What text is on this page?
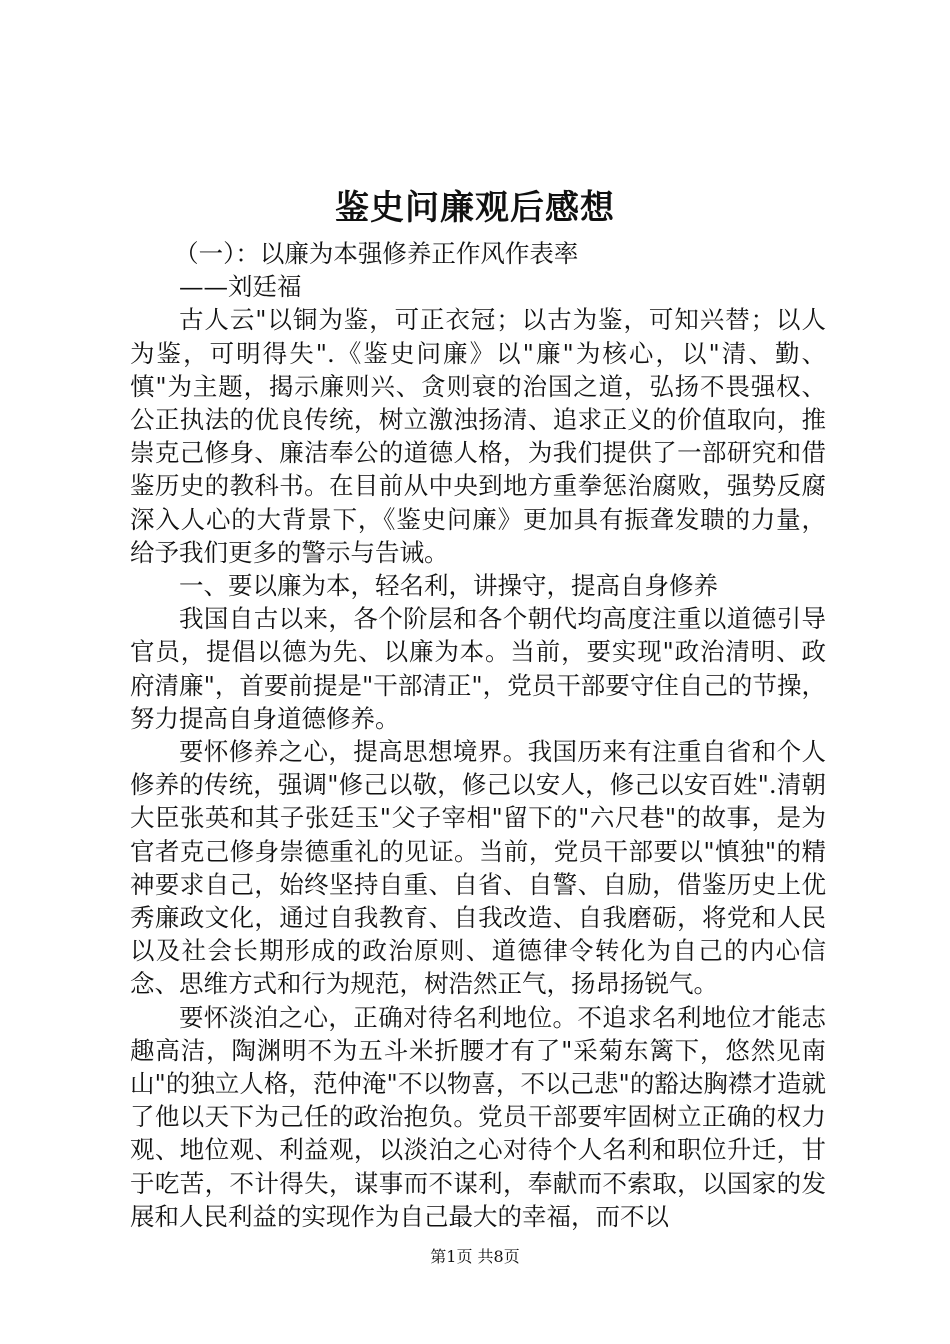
鉴史问廉观后感想

（一）：以廉为本强修养正作风作表率

——刘廷福

古人云"以铜为鉴，可正衣冠；以古为鉴，可知兴替；以人为鉴，可明得失".《鉴史问廉》以"廉"为核心，以"清、勤、慎"为主题，揭示廉则兴、贪则衰的治国之道，弘扬不畏强权、公正执法的优良传统，树立激浊扬清、追求正义的价值取向，推崇克己修身、廉洁奉公的道德人格，为我们提供了一部研究和借鉴历史的教科书。在目前从中央到地方重拳惩治腐败，强势反腐深入人心的大背景下，《鉴史问廉》更加具有振聋发聩的力量，给予我们更多的警示与告诫。

一、要以廉为本，轻名利，讲操守，提高自身修养

我国自古以来，各个阶层和各个朝代均高度注重以道德引导官员，提倡以德为先、以廉为本。当前，要实现"政治清明、政府清廉"，首要前提是"干部清正"，党员干部要守住自己的节操，努力提高自身道德修养。

要怀修养之心，提高思想境界。我国历来有注重自省和个人修养的传统，强调"修己以敬，修己以安人，修己以安百姓".清朝大臣张英和其子张廷玉"父子宰相"留下的"六尺巷"的故事，是为官者克己修身崇德重礼的见证。当前，党员干部要以"慎独"的精神要求自己，始终坚持自重、自省、自警、自励，借鉴历史上优秀廉政文化，通过自我教育、自我改造、自我磨砺，将党和人民以及社会长期形成的政治原则、道德律令转化为自己的内心信念、思维方式和行为规范，树浩然正气，扬昂扬锐气。

要怀淡泊之心，正确对待名利地位。不追求名利地位才能志趣高洁，陶渊明不为五斗米折腰才有了"采菊东篱下，悠然见南山"的独立人格，范仲淹"不以物喜，不以己悲"的豁达胸襟才造就了他以天下为己任的政治抱负。党员干部要牢固树立正确的权力观、地位观、利益观，以淡泊之心对待个人名利和职位升迁，甘于吃苦，不计得失，谋事而不谋利，奉献而不索取，以国家的发展和人民利益的实现作为自己最大的幸福，而不以

第1页 共8页
